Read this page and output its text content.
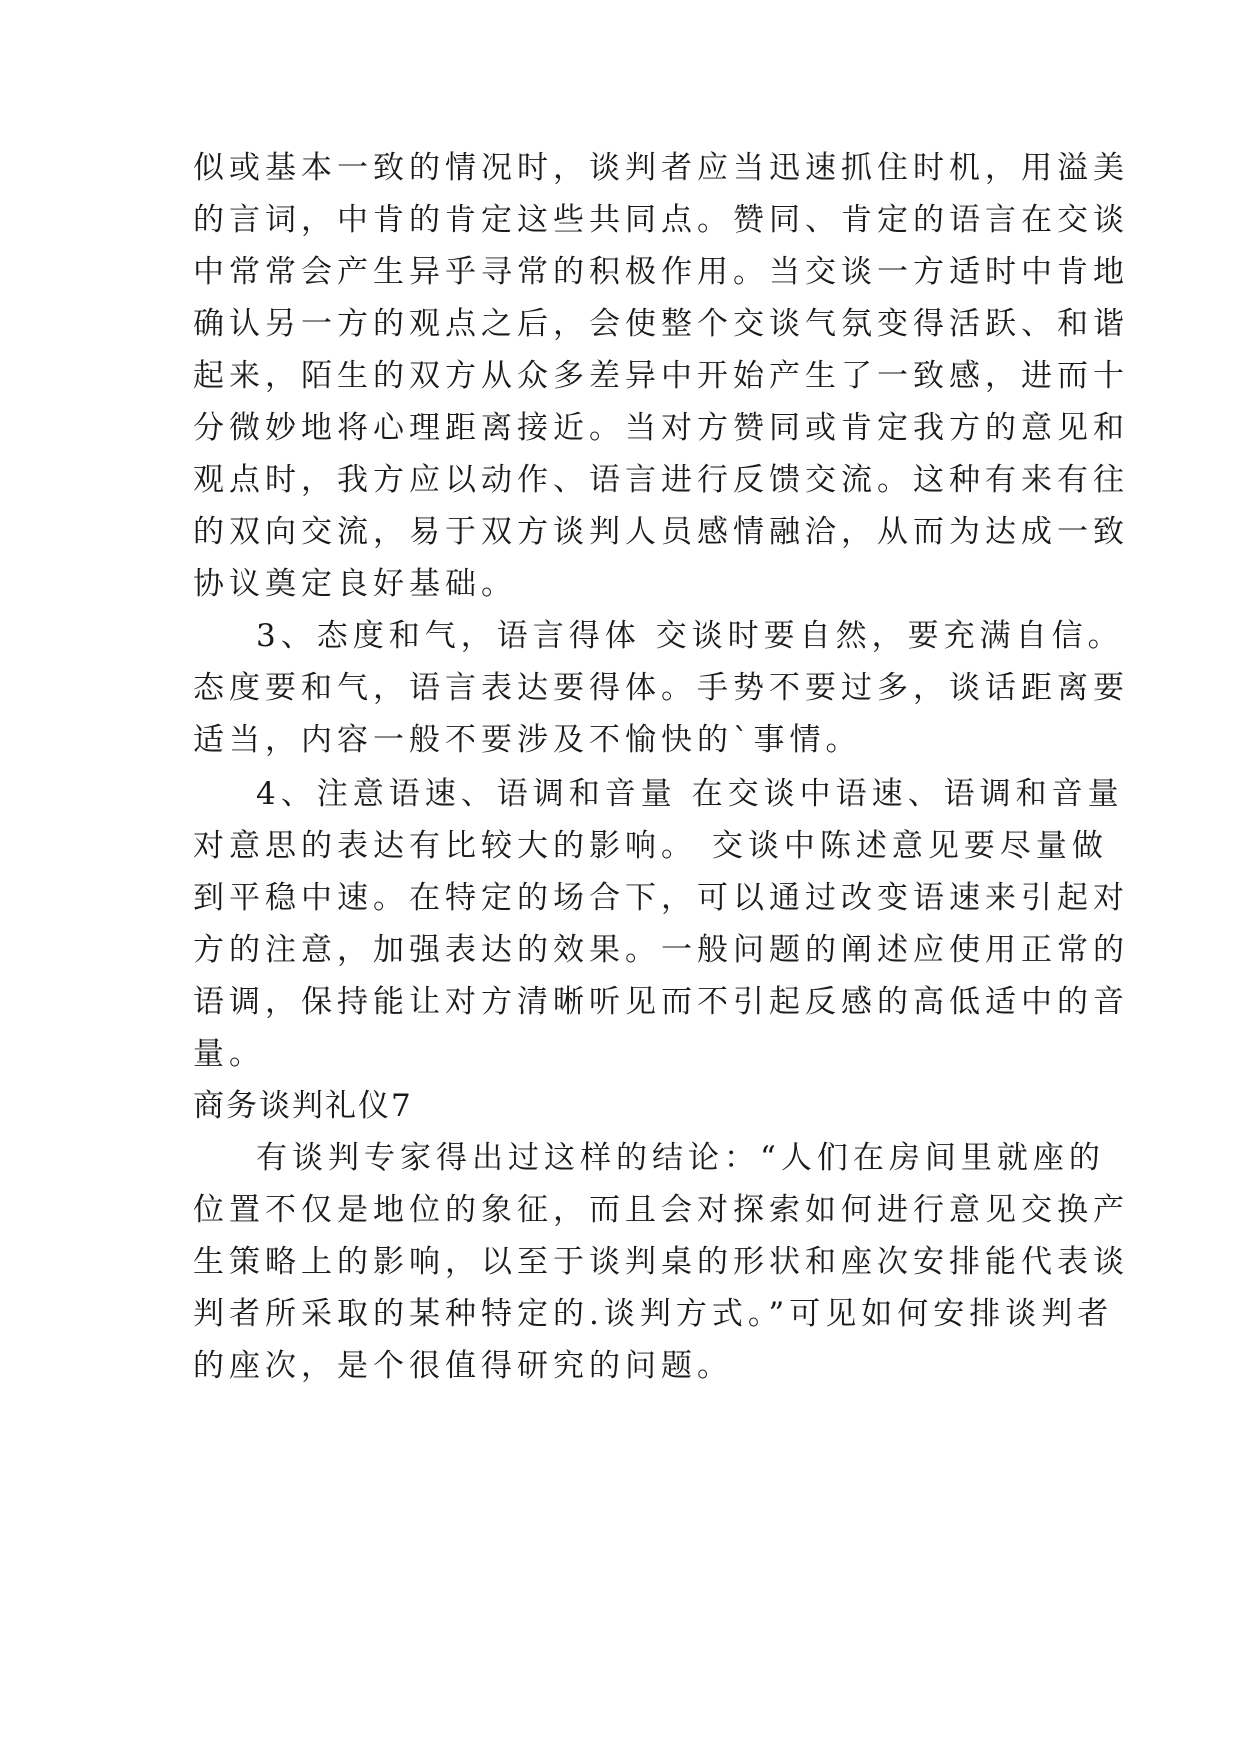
似或基本一致的情况时，谈判者应当迅速抓住时机，用溢美
的言词，中肯的肯定这些共同点。赞同、肯定的语言在交谈
中常常会产生异乎寻常的积极作用。当交谈一方适时中肯地
确认另一方的观点之后，会使整个交谈气氛变得活跃、和谐
起来，陌生的双方从众多差异中开始产生了一致感，进而十
分微妙地将心理距离接近。当对方赞同或肯定我方的意见和
观点时，我方应以动作、语言进行反馈交流。这种有来有往
的双向交流，易于双方谈判人员感情融洽，从而为达成一致
协议奠定良好基础。
3、态度和气，语言得体 交谈时要自然，要充满自信。
态度要和气，语言表达要得体。手势不要过多，谈话距离要
适当，内容一般不要涉及不愉快的`事情。
4、注意语速、语调和音量 在交谈中语速、语调和音量
对意思的表达有比较大的影响。 交谈中陈述意见要尽量做
到平稳中速。在特定的场合下，可以通过改变语速来引起对
方的注意，加强表达的效果。一般问题的阐述应使用正常的
语调，保持能让对方清晰听见而不引起反感的高低适中的音
量。
商务谈判礼仪7
有谈判专家得出过这样的结论：“人们在房间里就座的
位置不仅是地位的象征，而且会对探索如何进行意见交换产
生策略上的影响，以至于谈判桌的形状和座次安排能代表谈
判者所采取的某种特定的.谈判方式。”可见如何安排谈判者
的座次，是个很值得研究的问题。
